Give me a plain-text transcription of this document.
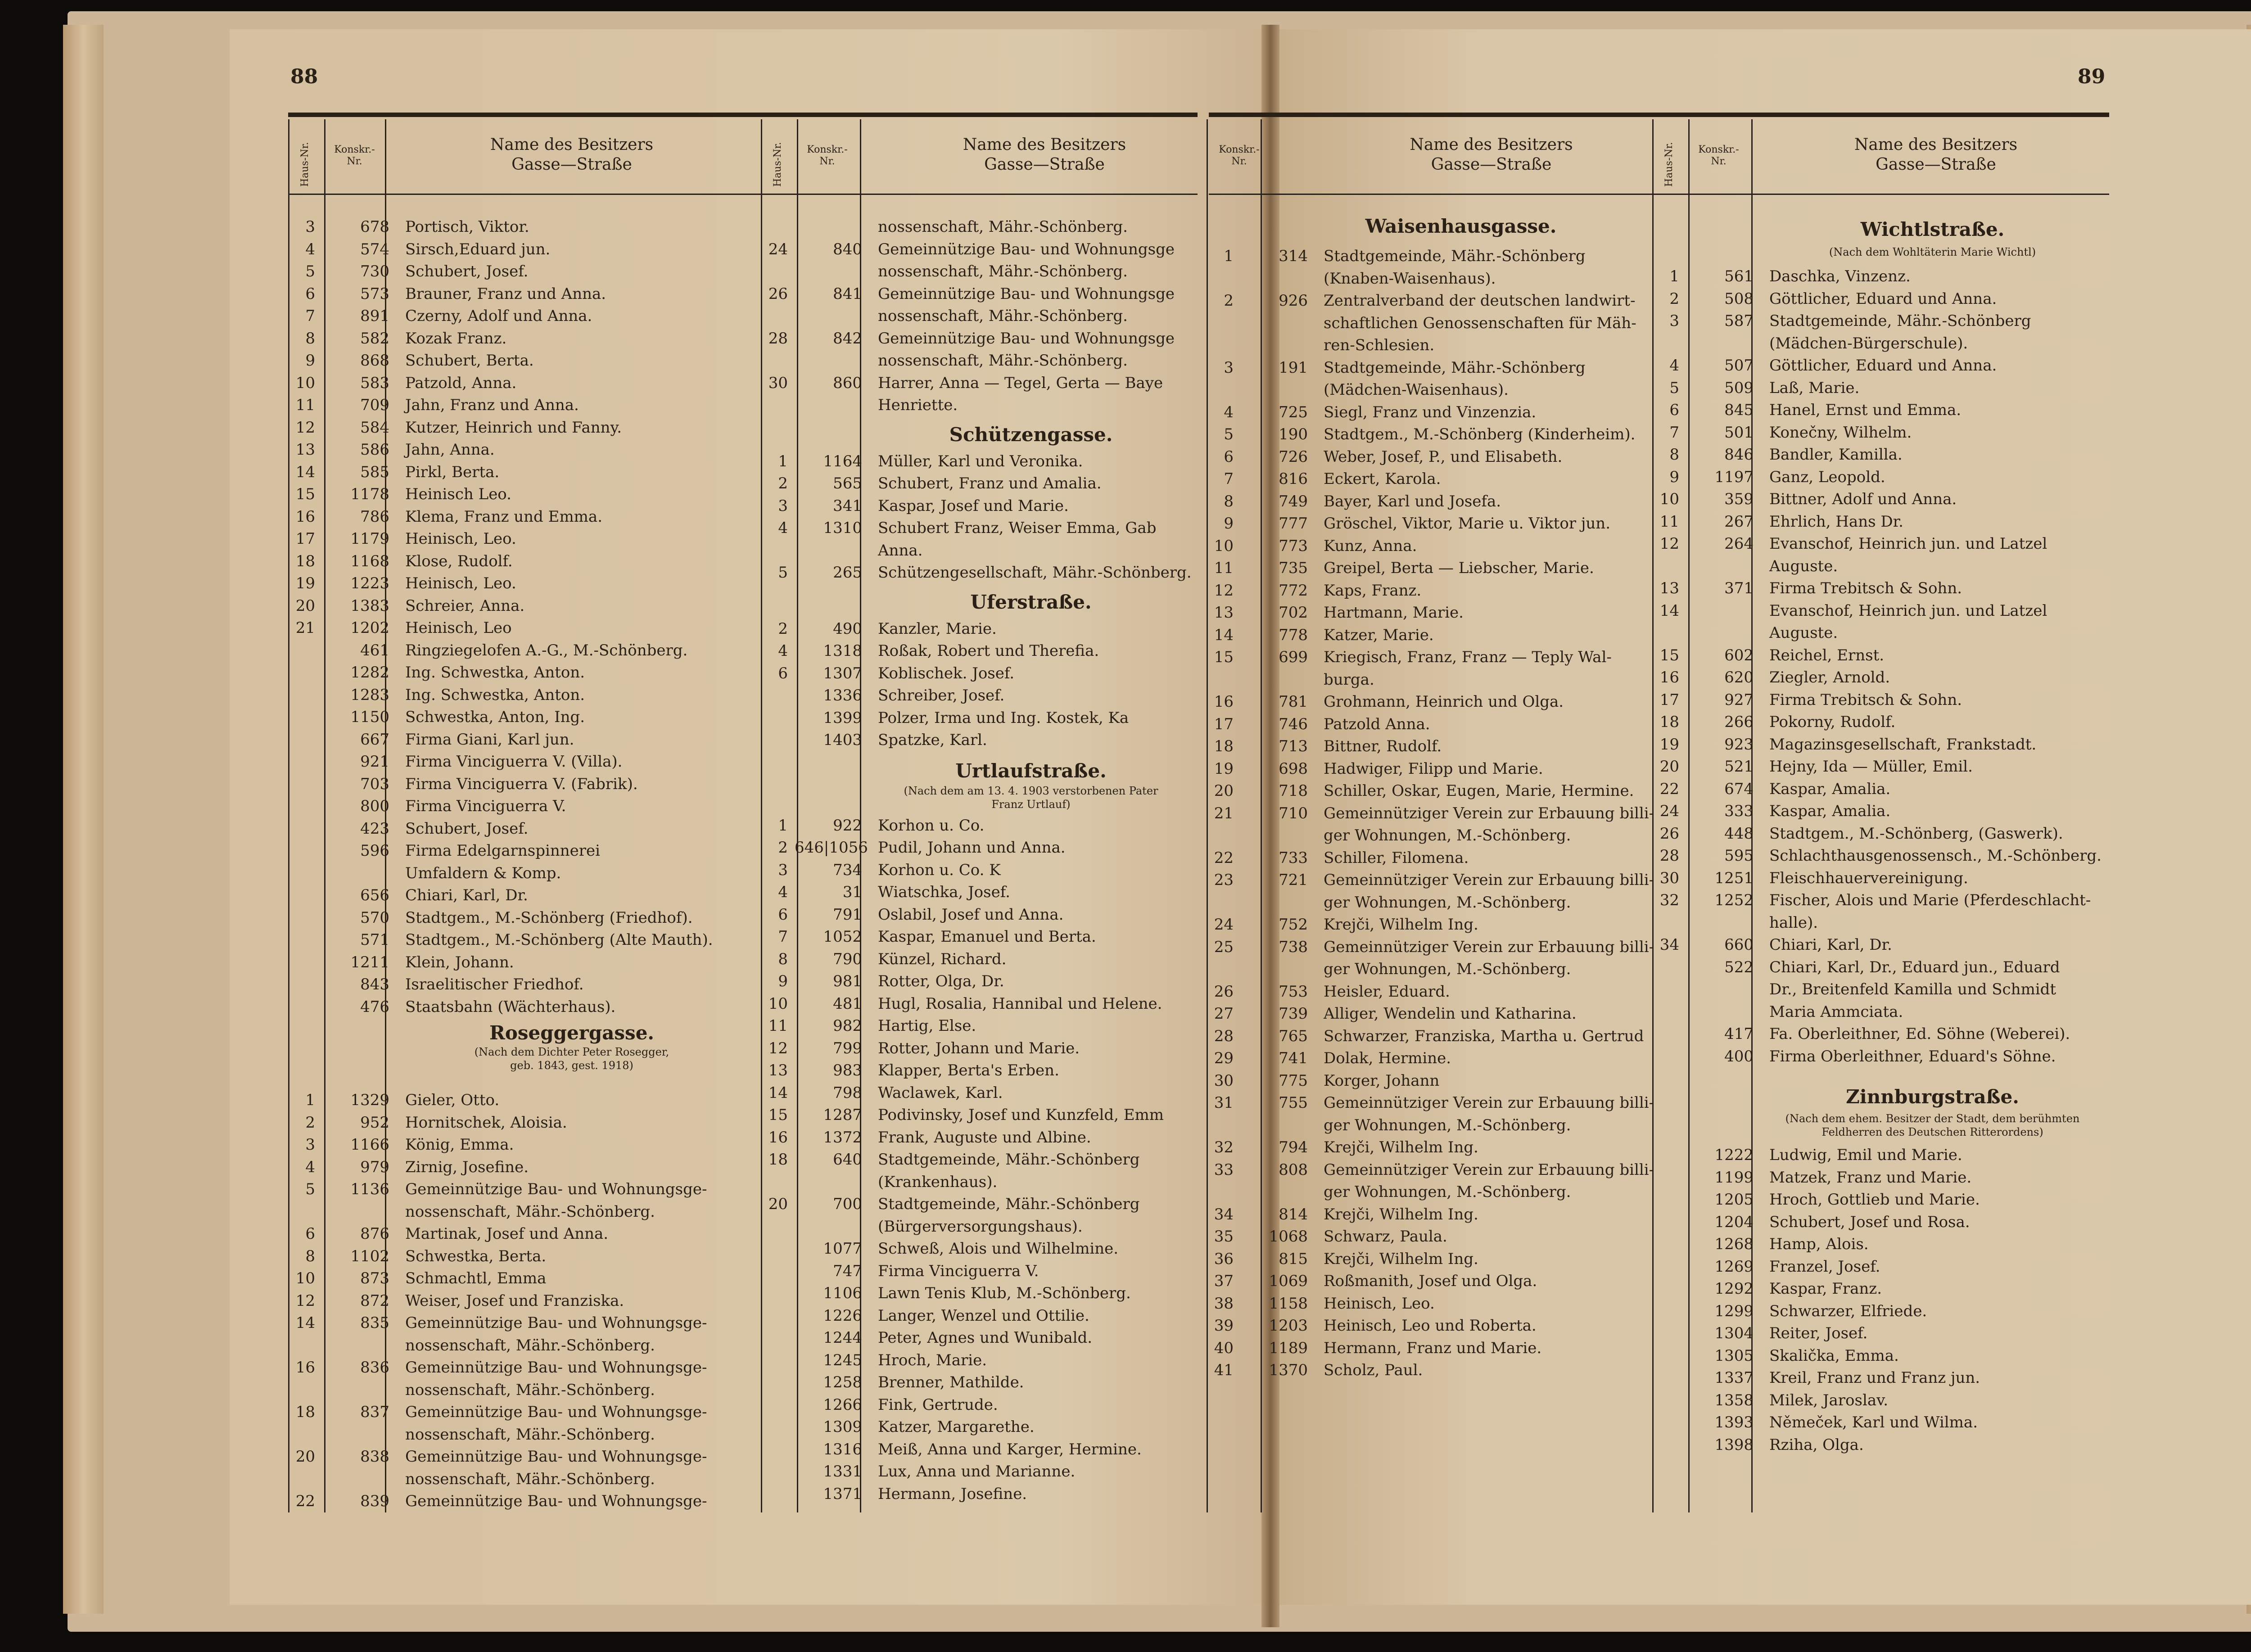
88	89
Haus-Nr.	Konskr.-
Nr.
Name des Besitzers
Gasse—Straße	Haus-Nr.	Konskr.-
Nr.
Name des Besitzers
Gasse—Straße
Konskr.-
Nr.
Name des Besitzers
Gasse—Straße	Haus-Nr.	Konskr.-
Nr.
Name des Besitzers
Gasse—Straße
3	678 Portisch, Viktor.
4	574 Sirsch,Eduard jun.
5	730 Schubert, Josef.
6	573 Brauner, Franz und Anna.
7	891 Czerny, Adolf und Anna.
8	582 Kozak Franz.
9	868 Schubert, Berta.
10	583 Patzold, Anna.
11	709 Jahn, Franz und Anna.
12	584 Kutzer, Heinrich und Fanny.
13	586 Jahn, Anna.
14	585 Pirkl, Berta.
15	1178 Heinisch Leo.
16	786 Klema, Franz und Emma.
17	1179 Heinisch, Leo.
18	1168 Klose, Rudolf.
19	1223 Heinisch, Leo.
20	1383 Schreier, Anna.
21	1202 Heinisch, Leo
461 Ringziegelofen A.-G., M.-Schönberg.
1282 Ing. Schwestka, Anton.
1283 Ing. Schwestka, Anton.
1150 Schwestka, Anton, Ing.
667 Firma Giani, Karl jun.
921 Firma Vinciguerra V. (Villa).
703 Firma Vinciguerra V. (Fabrik).
800 Firma Vinciguerra V.
423 Schubert, Josef.
596 Firma Edelgarnspinnerei
Umfaldern & Komp.
656 Chiari, Karl, Dr.
570 Stadtgem., M.-Schönberg (Friedhof).
571 Stadtgem., M.-Schönberg (Alte Mauth).
1211 Klein, Johann.
843 Israelitischer Friedhof.
476 Staatsbahn (Wächterhaus).
Roseggergasse.
(Nach dem Dichter Peter Rosegger,
geb. 1843, gest. 1918)
1	1329 Gieler, Otto.
2	952 Hornitschek, Aloisia.
3	1166 König, Emma.
4	979 Zirnig, Josefine.
5	1136 Gemeinnützige Bau- und Wohnungsge-
nossenschaft, Mähr.-Schönberg.
6	876 Martinak, Josef und Anna.
8	1102 Schwestka, Berta.
10	873 Schmachtl, Emma
12	872 Weiser, Josef und Franziska.
14	835 Gemeinnützige Bau- und Wohnungsge-
nossenschaft, Mähr.-Schönberg.
16	836 Gemeinnützige Bau- und Wohnungsge-
nossenschaft, Mähr.-Schönberg.
18	837 Gemeinnützige Bau- und Wohnungsge-
nossenschaft, Mähr.-Schönberg.
20	838 Gemeinnützige Bau- und Wohnungsge-
nossenschaft, Mähr.-Schönberg.
22	839 Gemeinnützige Bau- und Wohnungsge-
nossenschaft, Mähr.-Schönberg.
24	840 Gemeinnützige Bau- und Wohnungsge
nossenschaft, Mähr.-Schönberg.
26	841 Gemeinnützige Bau- und Wohnungsge
nossenschaft, Mähr.-Schönberg.
28	842 Gemeinnützige Bau- und Wohnungsge
nossenschaft, Mähr.-Schönberg.
30	860 Harrer, Anna — Tegel, Gerta — Baye
Henriette.
Schützengasse.
1	1164 Müller, Karl und Veronika.
2	565 Schubert, Franz und Amalia.
3	341 Kaspar, Josef und Marie.
4	1310 Schubert Franz, Weiser Emma, Gab
Anna.
5	265 Schützengesellschaft, Mähr.-Schönberg.
Uferstraße.
2	490 Kanzler, Marie.
4	1318 Roßak, Robert und Therefia.
6	1307 Koblischek. Josef.
1336 Schreiber, Josef.
1399 Polzer, Irma und Ing. Kostek, Ka
1403 Spatzke, Karl.
Urtlaufstraße.
(Nach dem am 13. 4. 1903 verstorbenen Pater
Franz Urtlauf)
1	922 Korhon u. Co.
2 646|1056 Pudil, Johann und Anna.
3	734 Korhon u. Co. K
4	31 Wiatschka, Josef.
6	791 Oslabil, Josef und Anna.
7	1052 Kaspar, Emanuel und Berta.
8	790 Künzel, Richard.
9	981 Rotter, Olga, Dr.
10	481 Hugl, Rosalia, Hannibal und Helene.
11	982 Hartig, Else.
12	799 Rotter, Johann und Marie.
13	983 Klapper, Berta's Erben.
14	798 Waclawek, Karl.
15	1287 Podivinsky, Josef und Kunzfeld, Emm
16	1372 Frank, Auguste und Albine.
18	640 Stadtgemeinde, Mähr.-Schönberg
(Krankenhaus).
20	700 Stadtgemeinde, Mähr.-Schönberg
(Bürgerversorgungshaus).
1077 Schweß, Alois und Wilhelmine.
747 Firma Vinciguerra V.
1106 Lawn Tenis Klub, M.-Schönberg.
1226 Langer, Wenzel und Ottilie.
1244 Peter, Agnes und Wunibald.
1245 Hroch, Marie.
1258 Brenner, Mathilde.
1266 Fink, Gertrude.
1309 Katzer, Margarethe.
1316 Meiß, Anna und Karger, Hermine.
1331 Lux, Anna und Marianne.
1371 Hermann, Josefine.
Waisenhausgasse.
1	314 Stadtgemeinde, Mähr.-Schönberg
(Knaben-Waisenhaus).
2	926 Zentralverband der deutschen landwirt-
schaftlichen Genossenschaften für Mäh-
ren-Schlesien.
3	191 Stadtgemeinde, Mähr.-Schönberg
(Mädchen-Waisenhaus).
4	725 Siegl, Franz und Vinzenzia.
5	190 Stadtgem., M.-Schönberg (Kinderheim).
6	726 Weber, Josef, P., und Elisabeth.
7	816 Eckert, Karola.
8	749 Bayer, Karl und Josefa.
9	777 Gröschel, Viktor, Marie u. Viktor jun.
10	773 Kunz, Anna.
11	735 Greipel, Berta — Liebscher, Marie.
12	772 Kaps, Franz.
13	702 Hartmann, Marie.
14	778 Katzer, Marie.
15	699 Kriegisch, Franz, Franz — Teply Wal-
burga.
16	781 Grohmann, Heinrich und Olga.
17	746 Patzold Anna.
18	713 Bittner, Rudolf.
19	698 Hadwiger, Filipp und Marie.
20	718 Schiller, Oskar, Eugen, Marie, Hermine.
21	710 Gemeinnütziger Verein zur Erbauung billi-
ger Wohnungen, M.-Schönberg.
22	733 Schiller, Filomena.
23	721 Gemeinnütziger Verein zur Erbauung billi-
ger Wohnungen, M.-Schönberg.
24	752 Krejči, Wilhelm Ing.
25	738 Gemeinnütziger Verein zur Erbauung billi-
ger Wohnungen, M.-Schönberg.
26	753 Heisler, Eduard.
27	739 Alliger, Wendelin und Katharina.
28	765 Schwarzer, Franziska, Martha u. Gertrud
29	741 Dolak, Hermine.
30	775 Korger, Johann
31	755 Gemeinnütziger Verein zur Erbauung billi-
ger Wohnungen, M.-Schönberg.
32	794 Krejči, Wilhelm Ing.
33	808 Gemeinnütziger Verein zur Erbauung billi-
ger Wohnungen, M.-Schönberg.
34	814 Krejči, Wilhelm Ing.
35	1068 Schwarz, Paula.
36	815 Krejči, Wilhelm Ing.
37	1069 Roßmanith, Josef und Olga.
38	1158 Heinisch, Leo.
39	1203 Heinisch, Leo und Roberta.
40	1189 Hermann, Franz und Marie.
41	1370 Scholz, Paul.
Wichtlstraße.
(Nach dem Wohltäterin Marie Wichtl)
1	561 Daschka, Vinzenz.
2	508 Göttlicher, Eduard und Anna.
3	587 Stadtgemeinde, Mähr.-Schönberg
(Mädchen-Bürgerschule).
4	507 Göttlicher, Eduard und Anna.
5	509 Laß, Marie.
6	845 Hanel, Ernst und Emma.
7	501 Konečny, Wilhelm.
8	846 Bandler, Kamilla.
9	1197 Ganz, Leopold.
10	359 Bittner, Adolf und Anna.
11	267 Ehrlich, Hans Dr.
12	264 Evanschof, Heinrich jun. und Latzel
Auguste.
13	371 Firma Trebitsch & Sohn.
14	Evanschof, Heinrich jun. und Latzel
Auguste.
15	602 Reichel, Ernst.
16	620 Ziegler, Arnold.
17	927 Firma Trebitsch & Sohn.
18	266 Pokorny, Rudolf.
19	923 Magazinsgesellschaft, Frankstadt.
20	521 Hejny, Ida — Müller, Emil.
22	674 Kaspar, Amalia.
24	333 Kaspar, Amalia.
26	448 Stadtgem., M.-Schönberg, (Gaswerk).
28	595 Schlachthausgenossensch., M.-Schönberg.
30	1251 Fleischhauervereinigung.
32	1252 Fischer, Alois und Marie (Pferdeschlacht-
halle).
34	660 Chiari, Karl, Dr.
522 Chiari, Karl, Dr., Eduard jun., Eduard
Dr., Breitenfeld Kamilla und Schmidt
Maria Ammciata.
417 Fa. Oberleithner, Ed. Söhne (Weberei).
400 Firma Oberleithner, Eduard's Söhne.
Zinnburgstraße.
(Nach dem ehem. Besitzer der Stadt, dem berühmten
Feldherren des Deutschen Ritterordens)
1222 Ludwig, Emil und Marie.
1199 Matzek, Franz und Marie.
1205 Hroch, Gottlieb und Marie.
1204 Schubert, Josef und Rosa.
1268 Hamp, Alois.
1269 Franzel, Josef.
1292 Kaspar, Franz.
1299 Schwarzer, Elfriede.
1304 Reiter, Josef.
1305 Skalička, Emma.
1337 Kreil, Franz und Franz jun.
1358 Milek, Jaroslav.
1393 Němeček, Karl und Wilma.
1398 Rziha, Olga.
